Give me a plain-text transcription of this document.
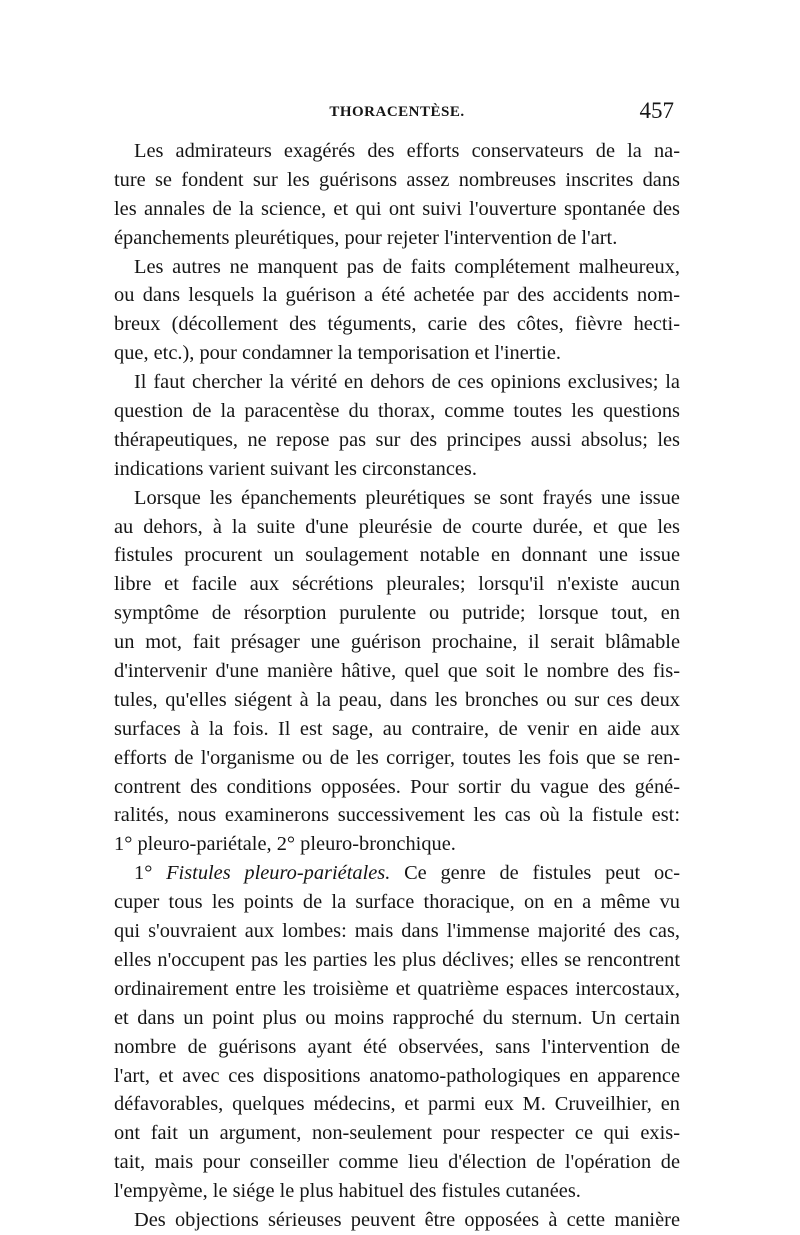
THORACENTÈSE.	457
Les admirateurs exagérés des efforts conservateurs de la na-
ture se fondent sur les guérisons assez nombreuses inscrites dans
les annales de la science, et qui ont suivi l'ouverture spontanée des
épanchements pleurétiques, pour rejeter l'intervention de l'art.
Les autres ne manquent pas de faits complétement malheureux,
ou dans lesquels la guérison a été achetée par des accidents nom-
breux (décollement des téguments, carie des côtes, fièvre hecti-
que, etc.), pour condamner la temporisation et l'inertie.
Il faut chercher la vérité en dehors de ces opinions exclusives; la
question de la paracentèse du thorax, comme toutes les questions
thérapeutiques, ne repose pas sur des principes aussi absolus; les
indications varient suivant les circonstances.
Lorsque les épanchements pleurétiques se sont frayés une issue
au dehors, à la suite d'une pleurésie de courte durée, et que les
fistules procurent un soulagement notable en donnant une issue
libre et facile aux sécrétions pleurales; lorsqu'il n'existe aucun
symptôme de résorption purulente ou putride; lorsque tout, en
un mot, fait présager une guérison prochaine, il serait blâmable
d'intervenir d'une manière hâtive, quel que soit le nombre des fis-
tules, qu'elles siégent à la peau, dans les bronches ou sur ces deux
surfaces à la fois. Il est sage, au contraire, de venir en aide aux
efforts de l'organisme ou de les corriger, toutes les fois que se ren-
contrent des conditions opposées. Pour sortir du vague des géné-
ralités, nous examinerons successivement les cas où la fistule est:
1° pleuro-pariétale, 2° pleuro-bronchique.
1° Fistules pleuro-pariétales. Ce genre de fistules peut oc-
cuper tous les points de la surface thoracique, on en a même vu
qui s'ouvraient aux lombes: mais dans l'immense majorité des cas,
elles n'occupent pas les parties les plus déclives; elles se rencontrent
ordinairement entre les troisième et quatrième espaces intercostaux,
et dans un point plus ou moins rapproché du sternum. Un certain
nombre de guérisons ayant été observées, sans l'intervention de
l'art, et avec ces dispositions anatomo-pathologiques en apparence
défavorables, quelques médecins, et parmi eux M. Cruveilhier, en
ont fait un argument, non-seulement pour respecter ce qui exis-
tait, mais pour conseiller comme lieu d'élection de l'opération de
l'empyème, le siége le plus habituel des fistules cutanées.
Des objections sérieuses peuvent être opposées à cette manière
